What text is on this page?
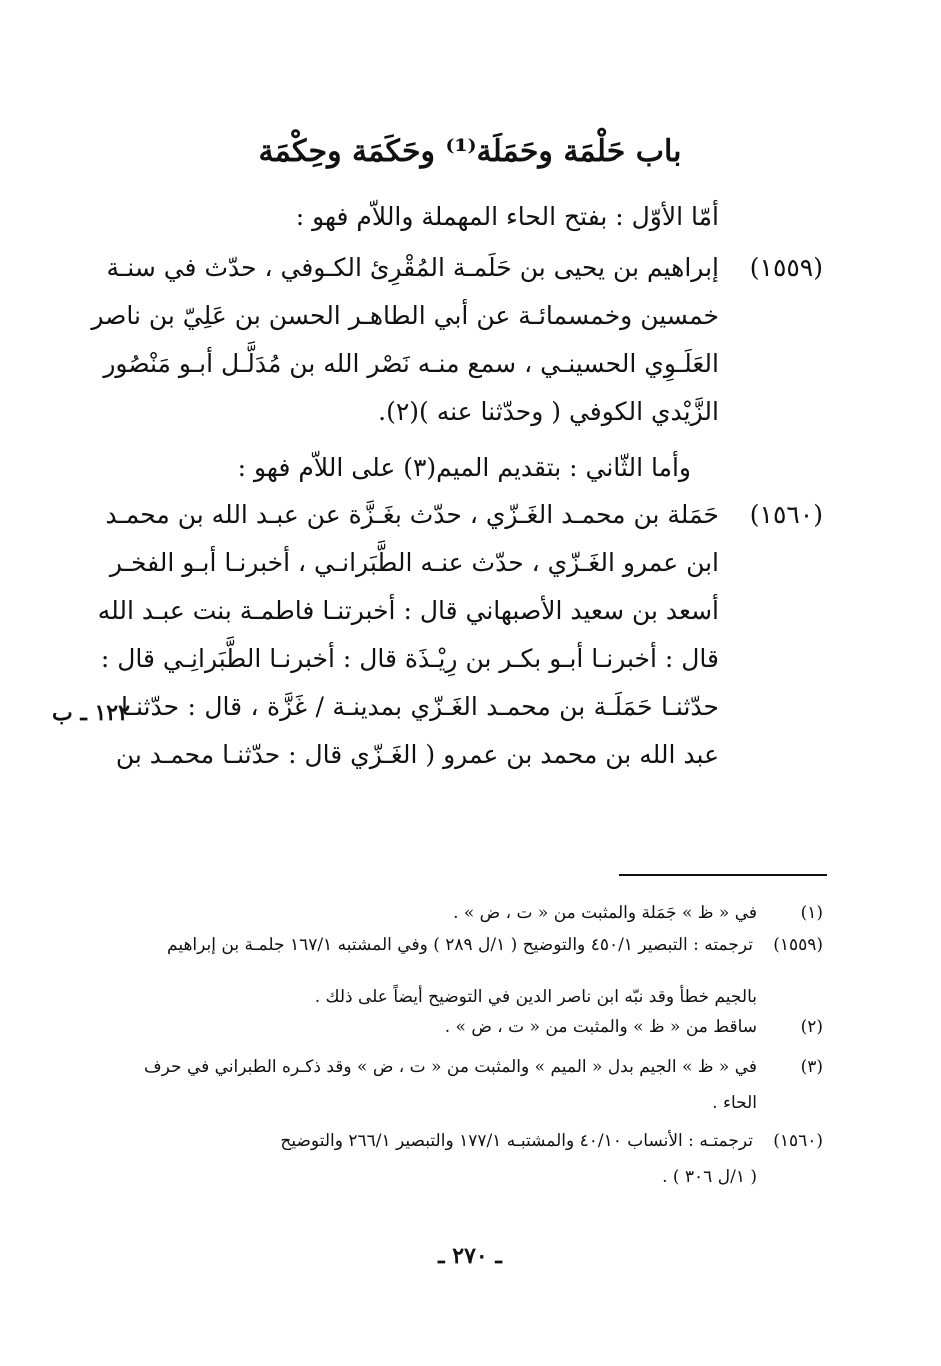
باب حَلْمَة وحَمَلَة⁽¹⁾ وحَكَمَة وحِكْمَة
أمّا الأوّل : بفتح الحاء المهملة واللاّم فهو :
(١٥٥٩)
إبراهيم بن يحيى بن حَلَمـة المُقْرِئ الكـوفي ، حدّث في سنـة
خمسين وخمسمائـة عن أبي الطاهـر الحسن بن عَلِيّ بن ناصر
العَلَـوِي الحسينـي ، سمع منـه نَصْر الله بن مُدَلَّـل أبـو مَنْصُور
الزَّيْدي الكوفي ( وحدّثنا عنه )(٢).
وأما الثّاني : بتقديم الميم(٣) على اللاّم فهو :
(١٥٦٠)
حَمَلة بن محمـد الغَـزّي ، حدّث بغَـزَّة عن عبـد الله بن محمـد
ابن عمرو الغَـزّي ، حدّث عنـه الطَّبَرانـي ، أخبرنـا أبـو الفخـر
أسعد بن سعيد الأصبهاني قال : أخبرتنـا فاطمـة بنت عبـد الله
قال : أخبرنـا أبـو بكـر بن رِيْـذَة قال : أخبرنـا الطَّبَرانِـي قال :
حدّثنـا حَمَلَـة بن محمـد الغَـزّي بمدينـة / غَزَّة ، قال : حدّثنـا
عبد الله بن محمد بن عمرو ( الغَـزّي قال : حدّثنـا محمـد بن
١٢٢ ـ ب
(١)
في « ظ » جَمَلة والمثبت من « ت ، ض » .
(١٥٥٩)
ترجمته : التبصير ٤٥٠/١ والتوضيح ( ١/ل ٢٨٩ ) وفي المشتبه ١٦٧/١ جلمـة بن إبراهيم
بالجيم خطأ وقد نبّه ابن ناصر الدين في التوضيح أيضاً على ذلك .
(٢)
ساقط من « ظ » والمثبت من « ت ، ض » .
(٣)
في « ظ » الجيم بدل « الميم » والمثبت من « ت ، ض » وقد ذكـره الطبراني في حرف
الحاء .
(١٥٦٠)
ترجمتـه : الأنساب ٤٠/١٠ والمشتبـه ١٧٧/١ والتبصير ٢٦٦/١ والتوضيح
( ١/ل ٣٠٦ ) .
ـ ٢٧٠ ـ
